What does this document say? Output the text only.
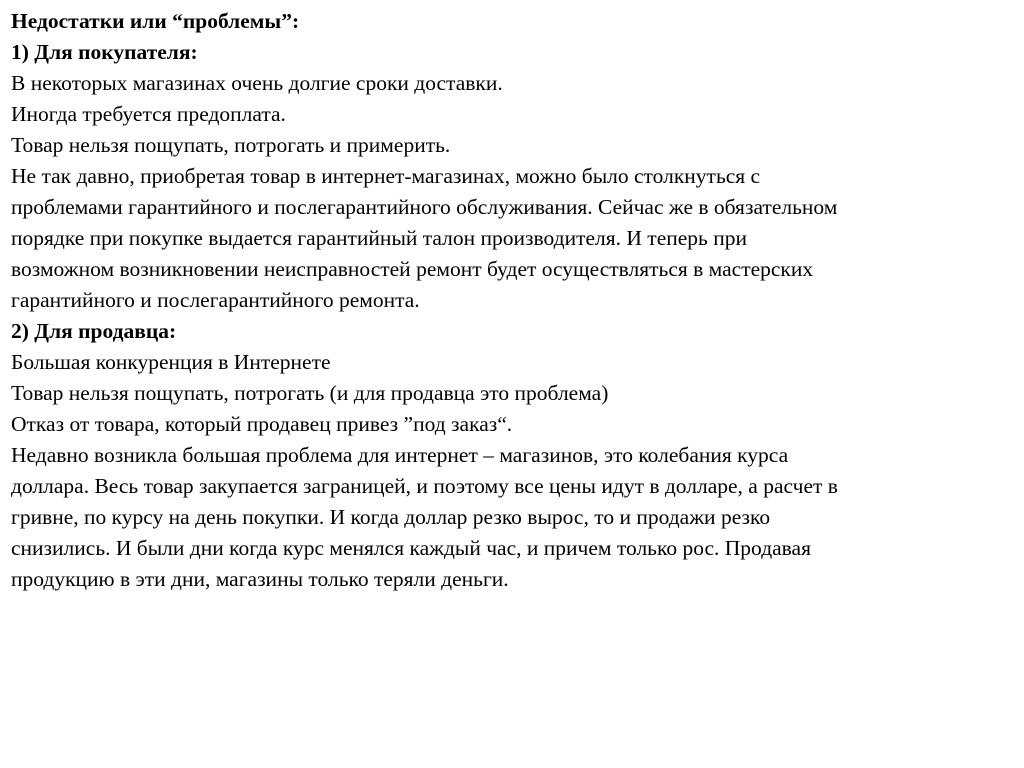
Недостатки или “проблемы”:
1) Для покупателя:
В некоторых магазинах очень долгие сроки доставки.
Иногда требуется предоплата.
Товар нельзя пощупать, потрогать и примерить.
Не так давно, приобретая товар в интернет-магазинах, можно было столкнуться с
проблемами гарантийного и послегарантийного обслуживания. Сейчас же в обязательном
порядке при покупке выдается гарантийный талон производителя. И теперь при
возможном возникновении неисправностей ремонт будет осуществляться в мастерских
гарантийного и послегарантийного ремонта.
2) Для продавца:
Большая конкуренция в Интернете
Товар нельзя пощупать, потрогать (и для продавца это проблема)
Отказ от товара, который продавец привез ”под заказ“.
Недавно возникла большая проблема для интернет – магазинов, это колебания курса
доллара. Весь товар закупается заграницей, и поэтому все цены идут в долларе, а расчет в
гривне, по курсу на день покупки. И когда доллар резко вырос, то и продажи резко
снизились. И были дни когда курс менялся каждый час, и причем только рос. Продавая
продукцию в эти дни, магазины только теряли деньги.
